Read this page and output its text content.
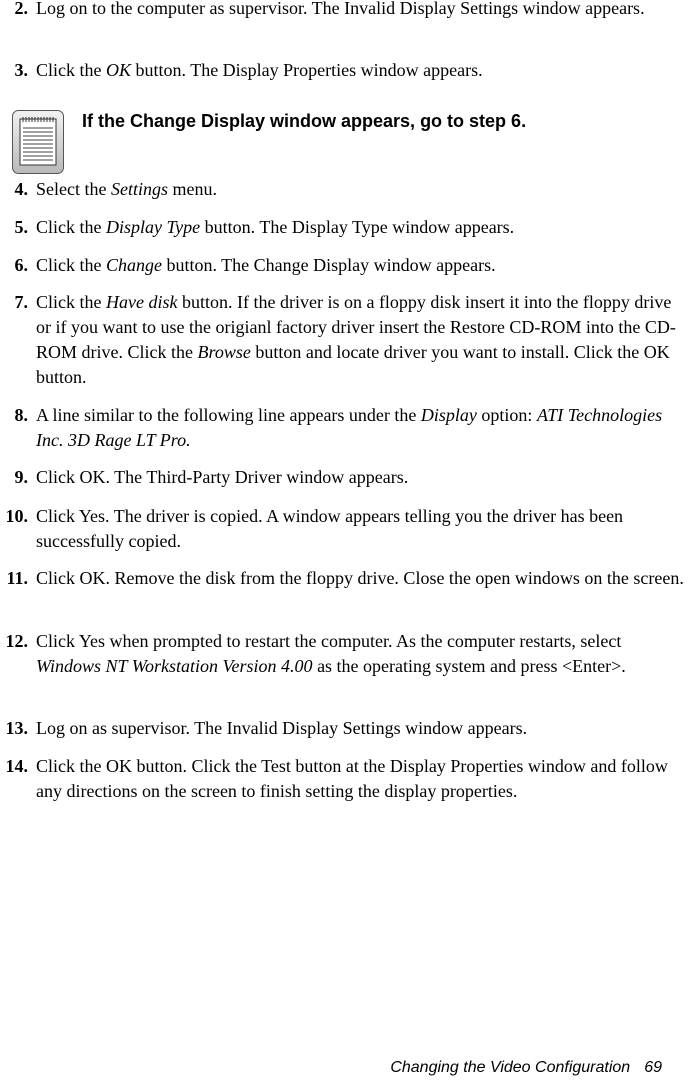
2. Log on to the computer as supervisor. The Invalid Display Settings window appears.
3. Click the OK button. The Display Properties window appears.
If the Change Display window appears, go to step 6.
4. Select the Settings menu.
5. Click the Display Type button. The Display Type window appears.
6. Click the Change button. The Change Display window appears.
7. Click the Have disk button. If the driver is on a floppy disk insert it into the floppy drive or if you want to use the origianl factory driver insert the Restore CD-ROM into the CD-ROM drive. Click the Browse button and locate driver you want to install. Click the OK button.
8. A line similar to the following line appears under the Display option: ATI Technologies Inc. 3D Rage LT Pro.
9. Click OK. The Third-Party Driver window appears.
10. Click Yes. The driver is copied. A window appears telling you the driver has been successfully copied.
11. Click OK. Remove the disk from the floppy drive. Close the open windows on the screen.
12. Click Yes when prompted to restart the computer. As the computer restarts, select Windows NT Workstation Version 4.00 as the operating system and press <Enter>.
13. Log on as supervisor. The Invalid Display Settings window appears.
14. Click the OK button. Click the Test button at the Display Properties window and follow any directions on the screen to finish setting the display properties.
Changing the Video Configuration 69
